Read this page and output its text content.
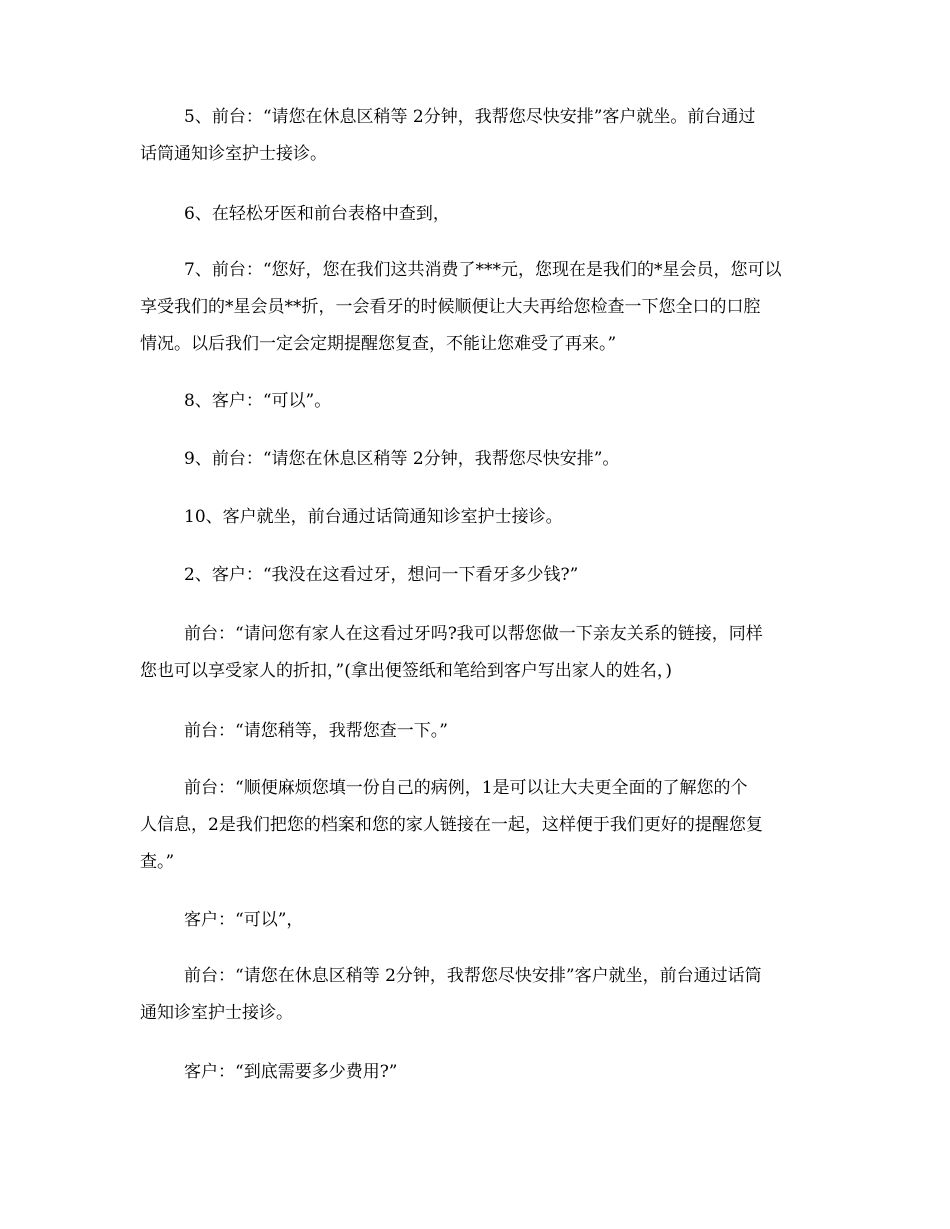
5、前台：“请您在休息区稍等 2分钟，我帮您尽快安排”客户就坐。前台通过
话筒通知诊室护士接诊。

6、在轻松牙医和前台表格中查到，

7、前台：“您好，您在我们这共消费了***元，您现在是我们的*星会员，您可以
享受我们的*星会员**折，一会看牙的时候顺便让大夫再给您检查一下您全口的口腔
情况。以后我们一定会定期提醒您复查，不能让您难受了再来。”

8、客户：“可以”。

9、前台：“请您在休息区稍等 2分钟，我帮您尽快安排”。

10、客户就坐，前台通过话筒通知诊室护士接诊。

2、客户：“我没在这看过牙，想问一下看牙多少钱?”

前台：“请问您有家人在这看过牙吗?我可以帮您做一下亲友关系的链接，同样
您也可以享受家人的折扣，”(拿出便签纸和笔给到客户写出家人的姓名，)

前台：“请您稍等，我帮您查一下。”

前台：“顺便麻烦您填一份自己的病例，1是可以让大夫更全面的了解您的个
人信息，2是我们把您的档案和您的家人链接在一起，这样便于我们更好的提醒您复
查。”

客户：“可以”，

前台：“请您在休息区稍等 2分钟，我帮您尽快安排”客户就坐，前台通过话筒
通知诊室护士接诊。

客户：“到底需要多少费用?”
